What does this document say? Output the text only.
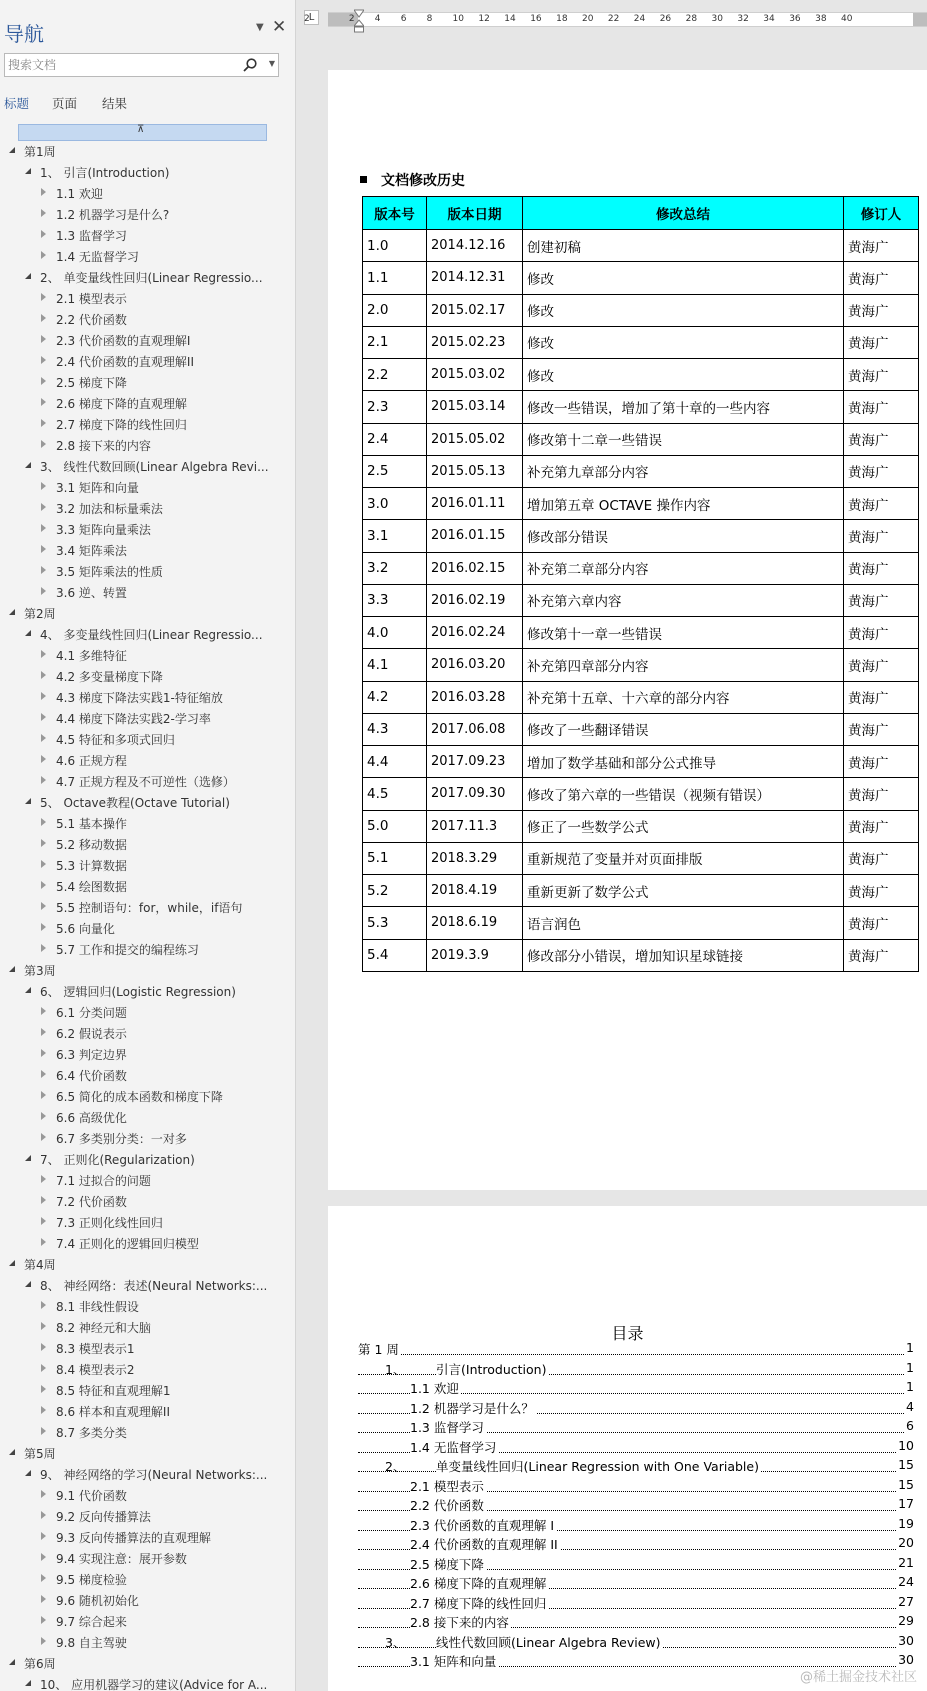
导航	▼ ✕
搜索文档
▼
标题 页面 结果
⊼
第1周
1、 引言(Introduction)
1.1 欢迎
1.2 机器学习是什么?
1.3 监督学习
1.4 无监督学习
2、 单变量线性回归(Linear Regressio...
2.1 模型表示
2.2 代价函数
2.3 代价函数的直观理解I
2.4 代价函数的直观理解II
2.5 梯度下降
2.6 梯度下降的直观理解
2.7 梯度下降的线性回归
2.8 接下来的内容
3、 线性代数回顾(Linear Algebra Revi...
3.1 矩阵和向量
3.2 加法和标量乘法
3.3 矩阵向量乘法
3.4 矩阵乘法
3.5 矩阵乘法的性质
3.6 逆、转置
第2周
4、 多变量线性回归(Linear Regressio...
4.1 多维特征
4.2 多变量梯度下降
4.3 梯度下降法实践1-特征缩放
4.4 梯度下降法实践2-学习率
4.5 特征和多项式回归
4.6 正规方程
4.7 正规方程及不可逆性（选修）
5、 Octave教程(Octave Tutorial)
5.1 基本操作
5.2 移动数据
5.3 计算数据
5.4 绘图数据
5.5 控制语句：for，while，if语句
5.6 向量化
5.7 工作和提交的编程练习
第3周
6、 逻辑回归(Logistic Regression)
6.1 分类问题
6.2 假说表示
6.3 判定边界
6.4 代价函数
6.5 简化的成本函数和梯度下降
6.6 高级优化
6.7 多类别分类：一对多
7、 正则化(Regularization)
7.1 过拟合的问题
7.2 代价函数
7.3 正则化线性回归
7.4 正则化的逻辑回归模型
第4周
8、 神经网络：表述(Neural Networks:...
8.1 非线性假设
8.2 神经元和大脑
8.3 模型表示1
8.4 模型表示2
8.5 特征和直观理解1
8.6 样本和直观理解II
8.7 多类分类
第5周
9、 神经网络的学习(Neural Networks:...
9.1 代价函数
9.2 反向传播算法
9.3 反向传播算法的直观理解
9.4 实现注意：展开参数
9.5 梯度检验
9.6 随机初始化
9.7 综合起来
9.8 自主驾驶
第6周
10、 应用机器学习的建议(Advice for A...
L
2	2 4 6 8 10 12 14 16 18 20 22 24 26 28 30 32 34 36 38 40
文档修改历史
版本号	版本日期	修改总结	修订人
1.0	2014.12.16	创建初稿	黄海广
1.1	2014.12.31	修改	黄海广
2.0	2015.02.17	修改	黄海广
2.1	2015.02.23	修改	黄海广
2.2	2015.03.02	修改	黄海广
2.3	2015.03.14	修改一些错误，增加了第十章的一些内容	黄海广
2.4	2015.05.02	修改第十二章一些错误	黄海广
2.5	2015.05.13	补充第九章部分内容	黄海广
3.0	2016.01.11	增加第五章 OCTAVE 操作内容	黄海广
3.1	2016.01.15	修改部分错误	黄海广
3.2	2016.02.15	补充第二章部分内容	黄海广
3.3	2016.02.19	补充第六章内容	黄海广
4.0	2016.02.24	修改第十一章一些错误	黄海广
4.1	2016.03.20	补充第四章部分内容	黄海广
4.2	2016.03.28	补充第十五章、十六章的部分内容	黄海广
4.3	2017.06.08	修改了一些翻译错误	黄海广
4.4	2017.09.23	增加了数学基础和部分公式推导	黄海广
4.5	2017.09.30	修改了第六章的一些错误（视频有错误）	黄海广
5.0	2017.11.3	修正了一些数学公式	黄海广
5.1	2018.3.29	重新规范了变量并对页面排版	黄海广
5.2	2018.4.19	重新更新了数学公式	黄海广
5.3	2018.6.19	语言润色	黄海广
5.4	2019.3.9	修改部分小错误，增加知识星球链接	黄海广
目录
第 1 周	1
1、 引言(Introduction)	1
1.1 欢迎	1
1.2 机器学习是什么？	4
1.3 监督学习	6
1.4 无监督学习	10
2、 单变量线性回归(Linear Regression with One Variable)	15
2.1 模型表示	15
2.2 代价函数	17
2.3 代价函数的直观理解 I	19
2.4 代价函数的直观理解 II	20
2.5 梯度下降	21
2.6 梯度下降的直观理解	24
2.7 梯度下降的线性回归	27
2.8 接下来的内容	29
3、 线性代数回顾(Linear Algebra Review)	30
3.1 矩阵和向量	30
@稀土掘金技术社区
